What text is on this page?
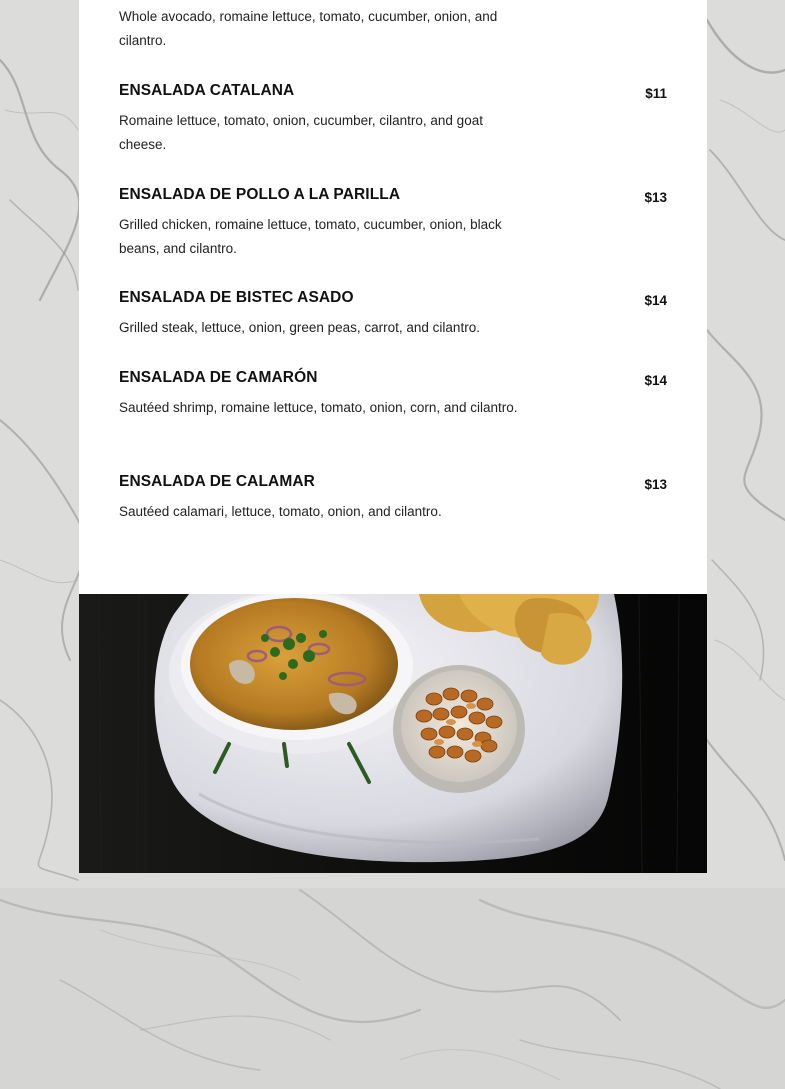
Whole avocado, romaine lettuce, tomato, cucumber, onion, and cilantro.

ENSALADA CATALANA	$11

Romaine lettuce, tomato, onion, cucumber, cilantro, and goat cheese.

ENSALADA DE POLLO A LA PARILLA	$13

Grilled chicken, romaine lettuce, tomato, cucumber, onion, black beans, and cilantro.

ENSALADA DE BISTEC ASADO	$14

Grilled steak, lettuce, onion, green peas, carrot, and cilantro.

ENSALADA DE CAMARÓN	$14

Sautéed shrimp, romaine lettuce, tomato, onion, corn, and cilantro.

ENSALADA DE CALAMAR	$13

Sautéed calamari, lettuce, tomato, onion, and cilantro.
